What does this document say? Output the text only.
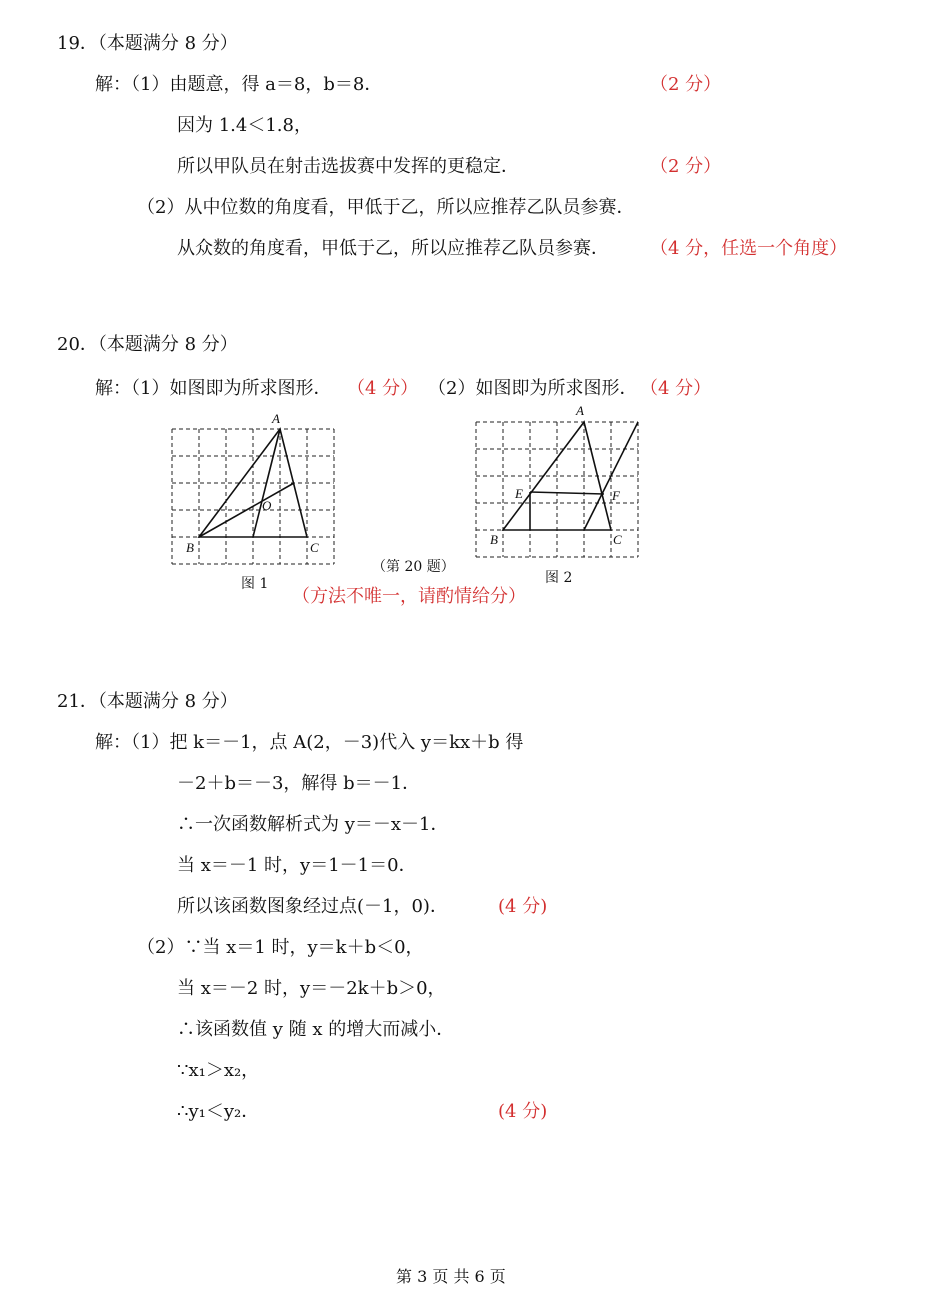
19．（本题满分 8 分）
解：（1）由题意，得 a＝8，b＝8．	（2 分）
因为 1.4＜1.8，
所以甲队员在射击选拔赛中发挥的更稳定．	（2 分）
（2）从中位数的角度看，甲低于乙，所以应推荐乙队员参赛．
从众数的角度看，甲低于乙，所以应推荐乙队员参赛． （4 分，任选一个角度）
20．（本题满分 8 分）
解：（1）如图即为所求图形． （4 分） （2）如图即为所求图形． （4 分）
A
B	C
O
图 1
（第 20 题）
A
B	C
E	F
图 2
（方法不唯一，请酌情给分）
21．（本题满分 8 分）
解：（1）把 k＝－1，点 A(2，－3)代入 y＝kx＋b 得
－2＋b＝－3，解得 b＝－1．
∴一次函数解析式为 y＝－x－1．
当 x＝－1 时，y＝1－1＝0．
所以该函数图象经过点(－1，0)．	(4 分)
（2）∵当 x＝1 时，y＝k＋b＜0，
当 x＝－2 时，y＝－2k＋b＞0，
∴该函数值 y 随 x 的增大而减小．
∵x₁＞x₂，
∴y₁＜y₂．	(4 分)
第 3 页 共 6 页
